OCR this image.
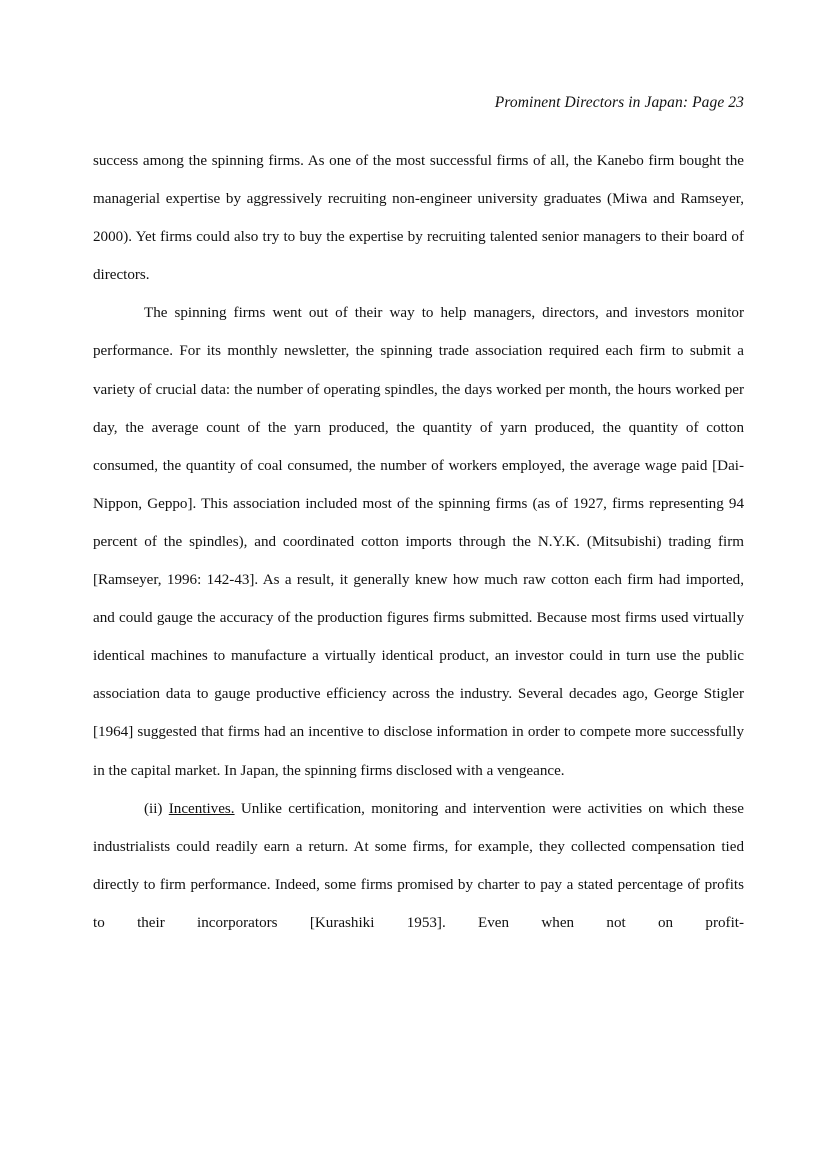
Prominent Directors in Japan: Page 23

success among the spinning firms. As one of the most successful firms of all, the Kanebo firm bought the managerial expertise by aggressively recruiting non-engineer university graduates (Miwa and Ramseyer, 2000). Yet firms could also try to buy the expertise by recruiting talented senior managers to their board of directors.

The spinning firms went out of their way to help managers, directors, and investors monitor performance. For its monthly newsletter, the spinning trade association required each firm to submit a variety of crucial data: the number of operating spindles, the days worked per month, the hours worked per day, the average count of the yarn produced, the quantity of yarn produced, the quantity of cotton consumed, the quantity of coal consumed, the number of workers employed, the average wage paid [Dai-Nippon, Geppo]. This association included most of the spinning firms (as of 1927, firms representing 94 percent of the spindles), and coordinated cotton imports through the N.Y.K. (Mitsubishi) trading firm [Ramseyer, 1996: 142-43]. As a result, it generally knew how much raw cotton each firm had imported, and could gauge the accuracy of the production figures firms submitted. Because most firms used virtually identical machines to manufacture a virtually identical product, an investor could in turn use the public association data to gauge productive efficiency across the industry. Several decades ago, George Stigler [1964] suggested that firms had an incentive to disclose information in order to compete more successfully in the capital market. In Japan, the spinning firms disclosed with a vengeance.

(ii) Incentives. Unlike certification, monitoring and intervention were activities on which these industrialists could readily earn a return. At some firms, for example, they collected compensation tied directly to firm performance. Indeed, some firms promised by charter to pay a stated percentage of profits to their incorporators [Kurashiki 1953]. Even when not on profit-
